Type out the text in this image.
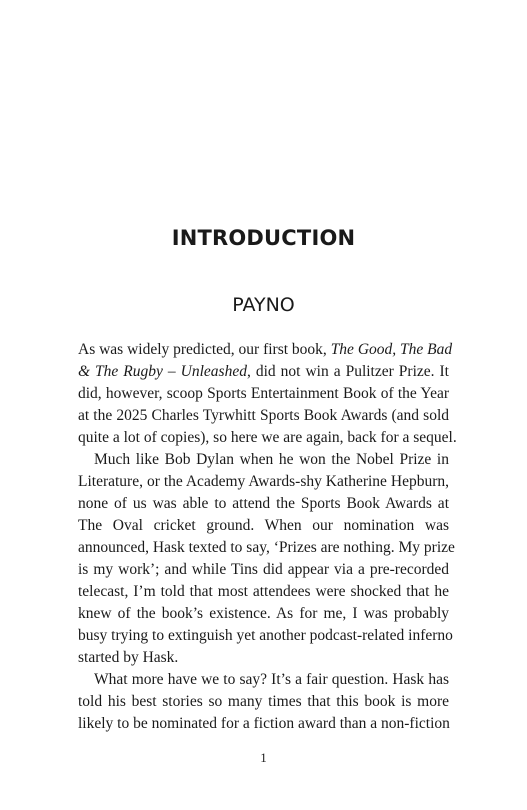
INTRODUCTION
PAYNO

As was widely predicted, our first book, The Good, The Bad
& The Rugby – Unleashed, did not win a Pulitzer Prize. It
did, however, scoop Sports Entertainment Book of the Year
at the 2025 Charles Tyrwhitt Sports Book Awards (and sold
quite a lot of copies), so here we are again, back for a sequel.

Much like Bob Dylan when he won the Nobel Prize in
Literature, or the Academy Awards-shy Katherine Hepburn,
none of us was able to attend the Sports Book Awards at
The Oval cricket ground. When our nomination was
announced, Hask texted to say, ‘Prizes are nothing. My prize
is my work’; and while Tins did appear via a pre-recorded
telecast, I’m told that most attendees were shocked that he
knew of the book’s existence. As for me, I was probably
busy trying to extinguish yet another podcast-related inferno
started by Hask.

What more have we to say? It’s a fair question. Hask has
told his best stories so many times that this book is more
likely to be nominated for a fiction award than a non-fiction

1
